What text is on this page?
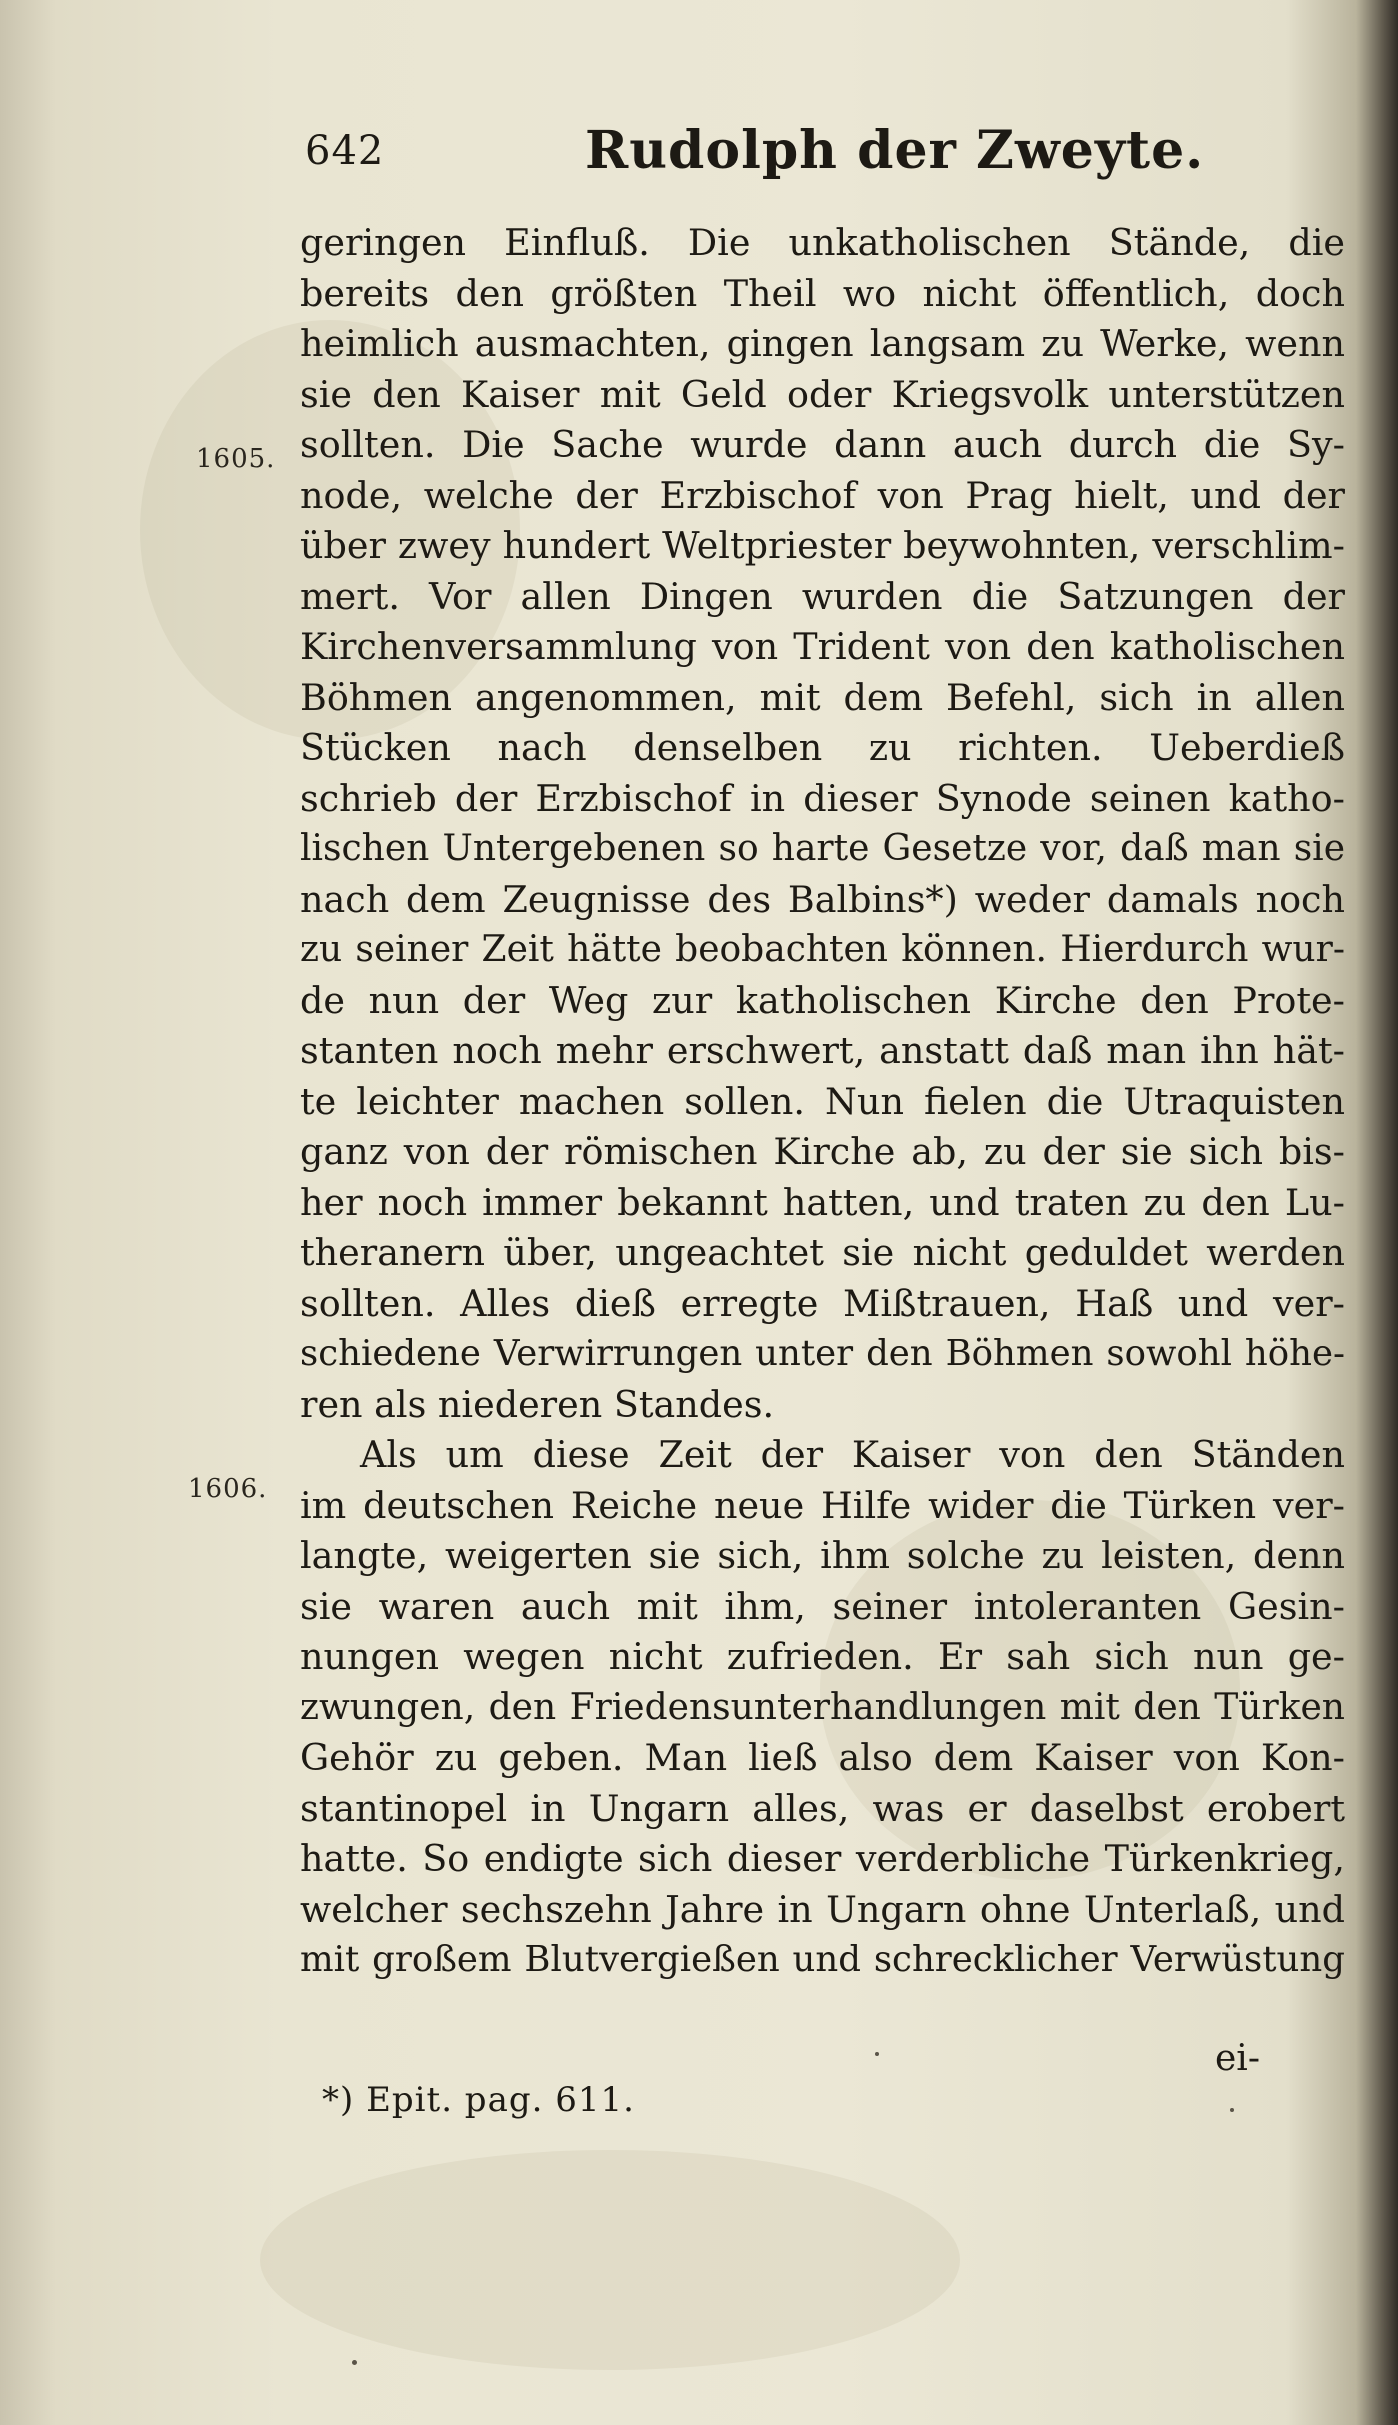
642	Rudolph der Zweyte.
1605.
1606.
geringen Einfluß. Die unkatholischen Stände, die
bereits den größten Theil wo nicht öffentlich, doch
heimlich ausmachten, gingen langsam zu Werke, wenn
sie den Kaiser mit Geld oder Kriegsvolk unterstützen
sollten. Die Sache wurde dann auch durch die Sy-
node, welche der Erzbischof von Prag hielt, und der
über zwey hundert Weltpriester beywohnten, verschlim-
mert. Vor allen Dingen wurden die Satzungen der
Kirchenversammlung von Trident von den katholischen
Böhmen angenommen, mit dem Befehl, sich in allen
Stücken nach denselben zu richten. Ueberdieß
schrieb der Erzbischof in dieser Synode seinen katho-
lischen Untergebenen so harte Gesetze vor, daß man sie
nach dem Zeugnisse des Balbins*) weder damals noch
zu seiner Zeit hätte beobachten können. Hierdurch wur-
de nun der Weg zur katholischen Kirche den Prote-
stanten noch mehr erschwert, anstatt daß man ihn hät-
te leichter machen sollen. Nun fielen die Utraquisten
ganz von der römischen Kirche ab, zu der sie sich bis-
her noch immer bekannt hatten, und traten zu den Lu-
theranern über, ungeachtet sie nicht geduldet werden
sollten. Alles dieß erregte Mißtrauen, Haß und ver-
schiedene Verwirrungen unter den Böhmen sowohl höhe-
ren als niederen Standes.
Als um diese Zeit der Kaiser von den Ständen
im deutschen Reiche neue Hilfe wider die Türken ver-
langte, weigerten sie sich, ihm solche zu leisten, denn
sie waren auch mit ihm, seiner intoleranten Gesin-
nungen wegen nicht zufrieden. Er sah sich nun ge-
zwungen, den Friedensunterhandlungen mit den Türken
Gehör zu geben. Man ließ also dem Kaiser von Kon-
stantinopel in Ungarn alles, was er daselbst erobert
hatte. So endigte sich dieser verderbliche Türkenkrieg,
welcher sechszehn Jahre in Ungarn ohne Unterlaß, und
mit großem Blutvergießen und schrecklicher Verwüstung
ei-
*) Epit. pag. 611.
